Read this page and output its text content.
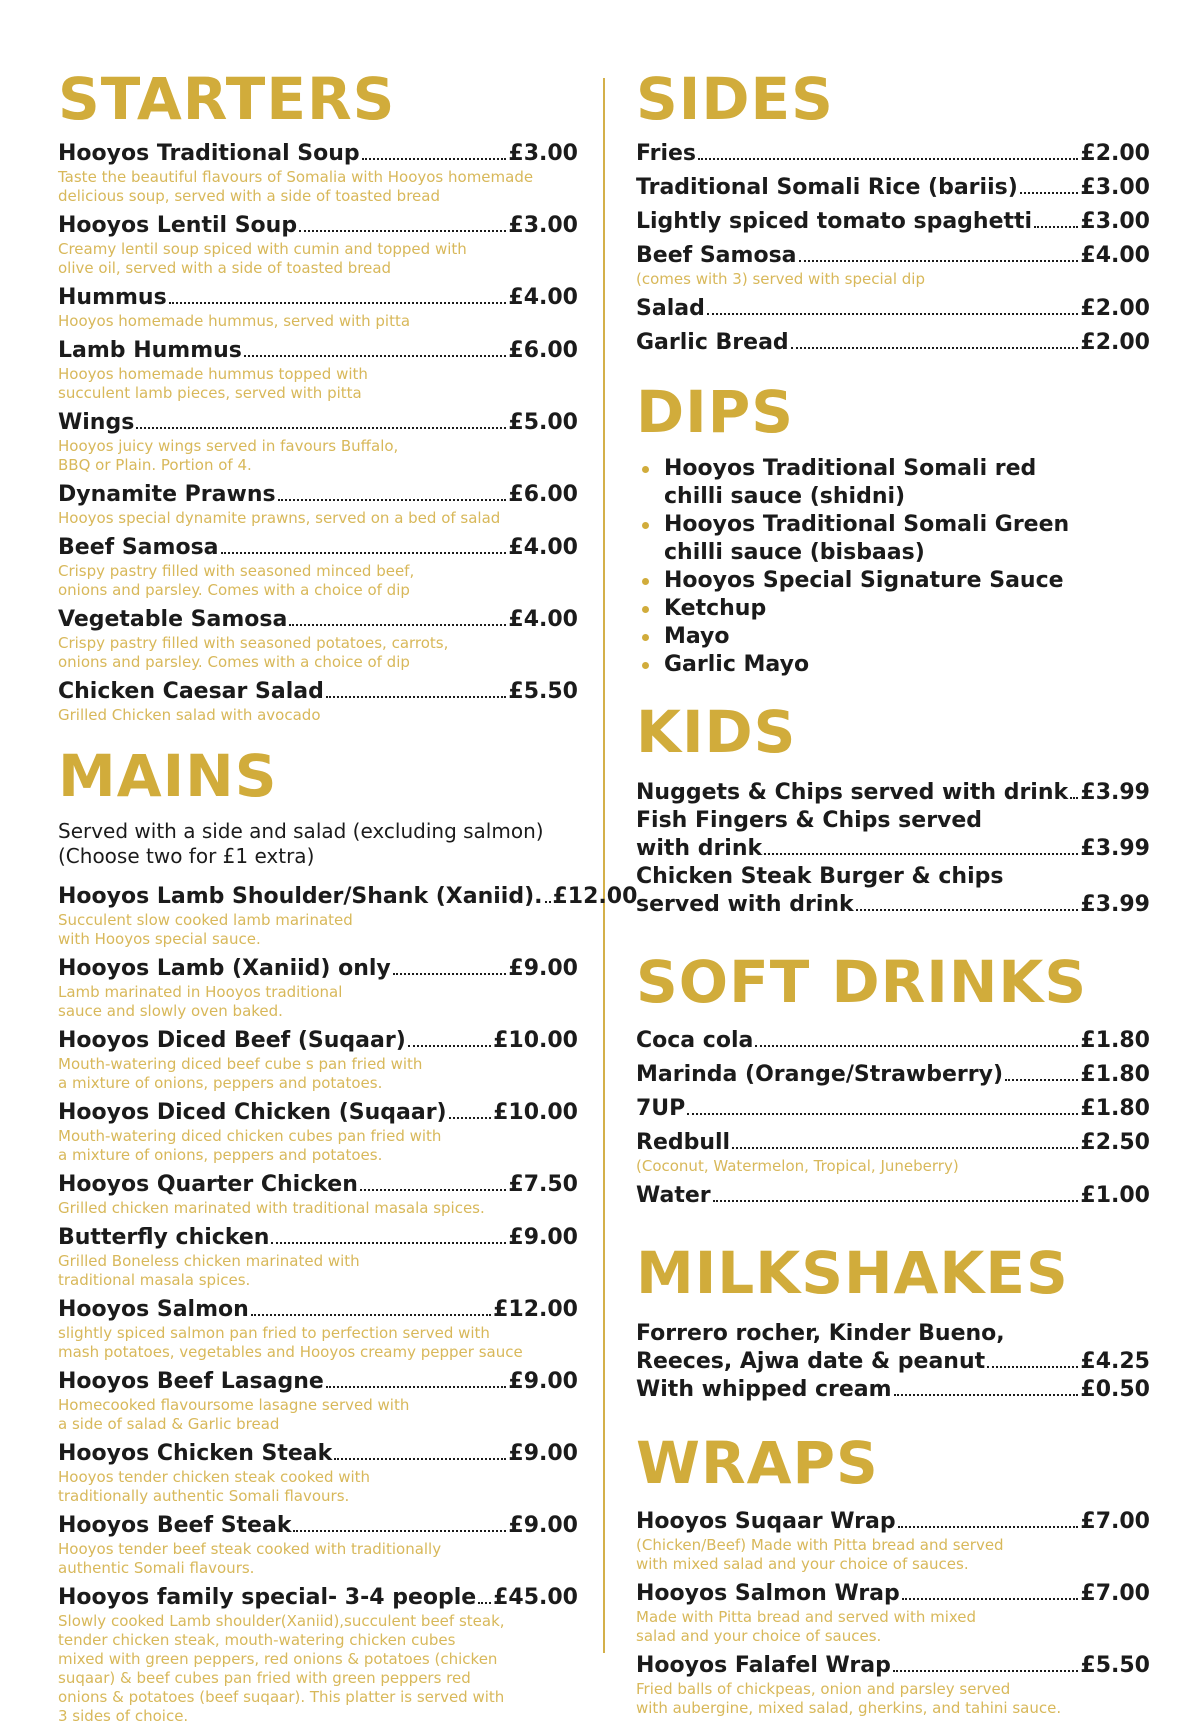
STARTERS
Hooyos Traditional Soup	£3.00
Taste the beautiful flavours of Somalia with Hooyos homemade
delicious soup, served with a side of toasted bread
Hooyos Lentil Soup	£3.00
Creamy lentil soup spiced with cumin and topped with
olive oil, served with a side of toasted bread
Hummus	£4.00
Hooyos homemade hummus, served with pitta
Lamb Hummus	£6.00
Hooyos homemade hummus topped with
succulent lamb pieces, served with pitta
Wings	£5.00
Hooyos juicy wings served in favours Buffalo,
BBQ or Plain. Portion of 4.
Dynamite Prawns	£6.00
Hooyos special dynamite prawns, served on a bed of salad
Beef Samosa	£4.00
Crispy pastry filled with seasoned minced beef,
onions and parsley. Comes with a choice of dip
Vegetable Samosa	£4.00
Crispy pastry filled with seasoned potatoes, carrots,
onions and parsley. Comes with a choice of dip
Chicken Caesar Salad	£5.50
Grilled Chicken salad with avocado
MAINS
Served with a side and salad (excluding salmon)
(Choose two for £1 extra)
Hooyos Lamb Shoulder/Shank (Xaniid). £12.00
Succulent slow cooked lamb marinated
with Hooyos special sauce.
Hooyos Lamb (Xaniid) only	£9.00
Lamb marinated in Hooyos traditional
sauce and slowly oven baked.
Hooyos Diced Beef (Suqaar)	£10.00
Mouth-watering diced beef cube s pan fried with
a mixture of onions, peppers and potatoes.
Hooyos Diced Chicken (Suqaar) £10.00
Mouth-watering diced chicken cubes pan fried with
a mixture of onions, peppers and potatoes.
Hooyos Quarter Chicken	£7.50
Grilled chicken marinated with traditional masala spices.
Butterfly chicken	£9.00
Grilled Boneless chicken marinated with
traditional masala spices.
Hooyos Salmon	£12.00
slightly spiced salmon pan fried to perfection served with
mash potatoes, vegetables and Hooyos creamy pepper sauce
Hooyos Beef Lasagne	£9.00
Homecooked flavoursome lasagne served with
a side of salad & Garlic bread
Hooyos Chicken Steak	£9.00
Hooyos tender chicken steak cooked with
traditionally authentic Somali flavours.
Hooyos Beef Steak	£9.00
Hooyos tender beef steak cooked with traditionally
authentic Somali flavours.
Hooyos family special- 3-4 people £45.00
Slowly cooked Lamb shoulder(Xaniid),succulent beef steak,
tender chicken steak, mouth-watering chicken cubes
mixed with green peppers, red onions & potatoes (chicken
suqaar) & beef cubes pan fried with green peppers red
onions & potatoes (beef suqaar). This platter is served with
3 sides of choice.
SIDES
Fries	£2.00
Traditional Somali Rice (bariis)	£3.00
Lightly spiced tomato spaghetti £3.00
Beef Samosa	£4.00
(comes with 3) served with special dip
Salad	£2.00
Garlic Bread	£2.00
DIPS
Hooyos Traditional Somali red
chilli sauce (shidni)
Hooyos Traditional Somali Green
chilli sauce (bisbaas)
Hooyos Special Signature Sauce
Ketchup
Mayo
Garlic Mayo
KIDS
Nuggets & Chips served with drink £3.99
Fish Fingers & Chips served
with drink	£3.99
Chicken Steak Burger & chips
served with drink	£3.99
SOFT DRINKS
Coca cola	£1.80
Marinda (Orange/Strawberry)	£1.80
7UP	£1.80
Redbull	£2.50
(Coconut, Watermelon, Tropical, Juneberry)
Water	£1.00
MILKSHAKES
Forrero rocher, Kinder Bueno,
Reeces, Ajwa date & peanut	£4.25
With whipped cream	£0.50
WRAPS
Hooyos Suqaar Wrap	£7.00
(Chicken/Beef) Made with Pitta bread and served
with mixed salad and your choice of sauces.
Hooyos Salmon Wrap	£7.00
Made with Pitta bread and served with mixed
salad and your choice of sauces.
Hooyos Falafel Wrap	£5.50
Fried balls of chickpeas, onion and parsley served
with aubergine, mixed salad, gherkins, and tahini sauce.
